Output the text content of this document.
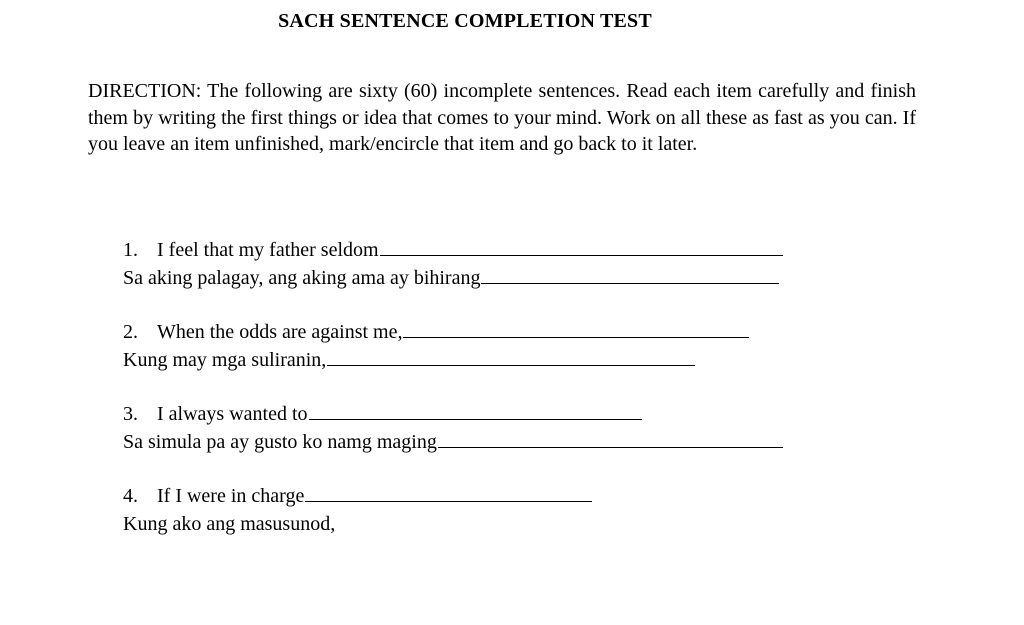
SACH SENTENCE COMPLETION TEST
DIRECTION: The following are sixty (60) incomplete sentences. Read each item carefully and finish them by writing the first things or idea that comes to your mind. Work on all these as fast as you can. If you leave an item unfinished, mark/encircle that item and go back to it later.
1. I feel that my father seldom
Sa aking palagay, ang aking ama ay bihirang
2. When the odds are against me,
Kung may mga suliranin,
3. I always wanted to
Sa simula pa ay gusto ko namg maging
4. If I were in charge
Kung ako ang masusunod,
